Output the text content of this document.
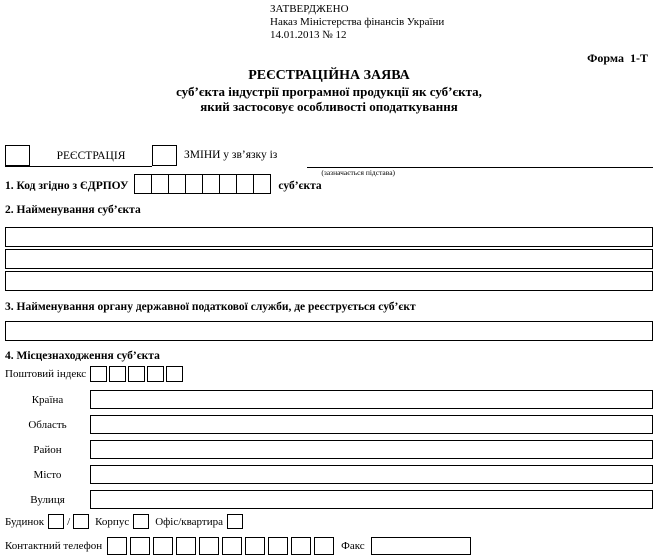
ЗАТВЕРДЖЕНО
Наказ Міністерства фінансів України
14.01.2013 № 12
Форма  1-Т
РЕЄСТРАЦІЙНА ЗАЯВА
суб’єкта індустрії програмної продукції як суб’єкта,
який застосовує особливості оподаткування
РЕЄСТРАЦІЯ	ЗМІНИ у зв’язку із
(зазначається підстава)
1. Код згідно з ЄДРПОУ	суб’єкта
2. Найменування суб’єкта
3. Найменування органу державної податкової служби, де реєструється суб’єкт
4. Місцезнаходження суб’єкта
Поштовий індекс
Країна
Область
Район
Місто
Вулиця
Будинок / Корпус Офіс/квартира
Контактний телефон	Факс
